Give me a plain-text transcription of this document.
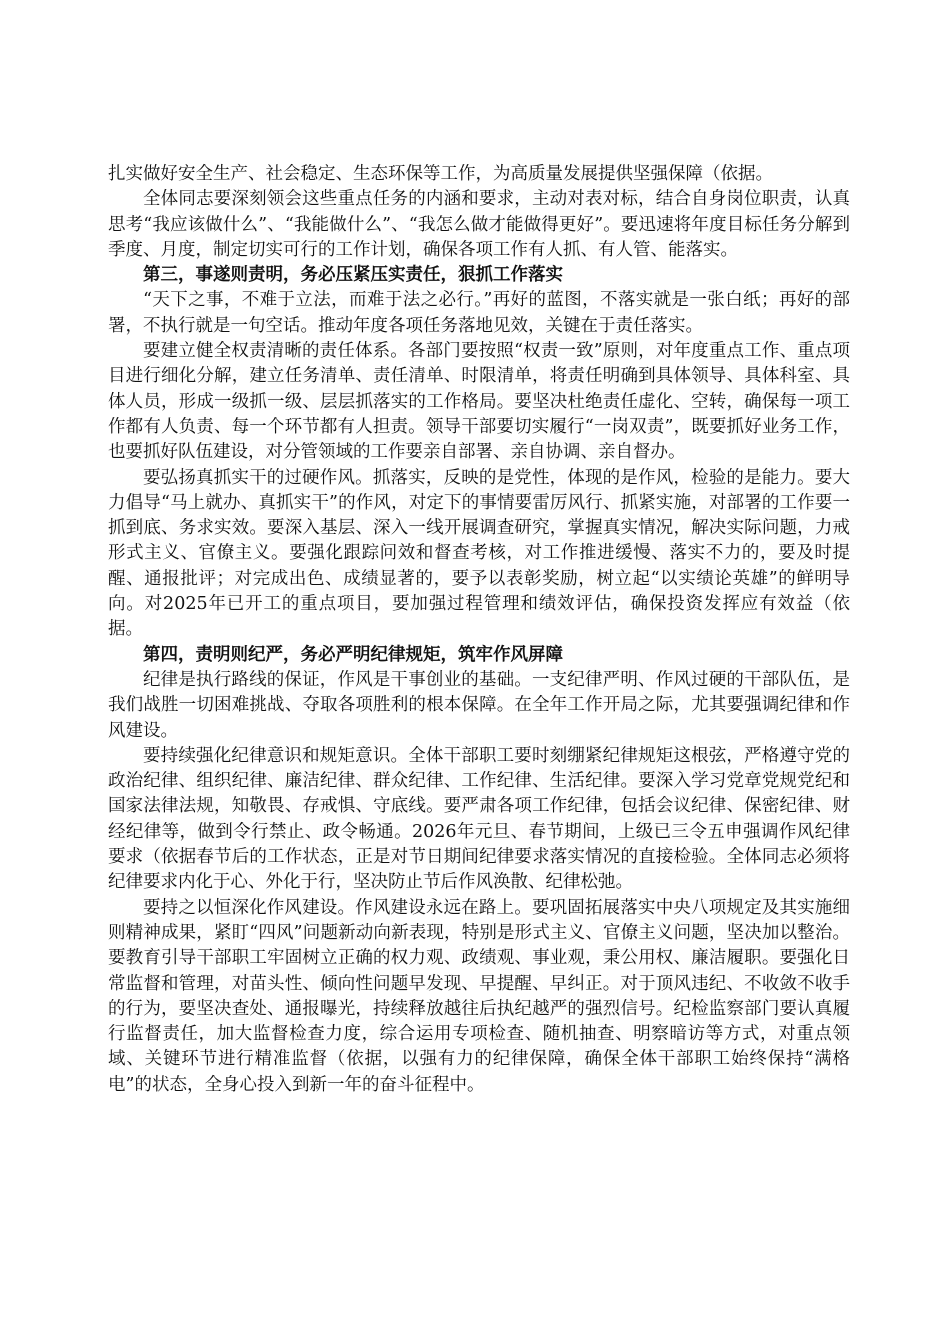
扎实做好安全生产、社会稳定、生态环保等工作，为高质量发展提供坚强保障（依据。

全体同志要深刻领会这些重点任务的内涵和要求，主动对表对标，结合自身岗位职责，认真思考“我应该做什么”、“我能做什么”、“我怎么做才能做得更好”。要迅速将年度目标任务分解到季度、月度，制定切实可行的工作计划，确保各项工作有人抓、有人管、能落实。

第三，事遂则责明，务必压紧压实责任，狠抓工作落实

“天下之事，不难于立法，而难于法之必行。”再好的蓝图，不落实就是一张白纸；再好的部署，不执行就是一句空话。推动年度各项任务落地见效，关键在于责任落实。

要建立健全权责清晰的责任体系。各部门要按照“权责一致”原则，对年度重点工作、重点项目进行细化分解，建立任务清单、责任清单、时限清单，将责任明确到具体领导、具体科室、具体人员，形成一级抓一级、层层抓落实的工作格局。要坚决杜绝责任虚化、空转，确保每一项工作都有人负责、每一个环节都有人担责。领导干部要切实履行“一岗双责”，既要抓好业务工作，也要抓好队伍建设，对分管领域的工作要亲自部署、亲自协调、亲自督办。

要弘扬真抓实干的过硬作风。抓落实，反映的是党性，体现的是作风，检验的是能力。要大力倡导“马上就办、真抓实干”的作风，对定下的事情要雷厉风行、抓紧实施，对部署的工作要一抓到底、务求实效。要深入基层、深入一线开展调查研究，掌握真实情况，解决实际问题，力戒形式主义、官僚主义。要强化跟踪问效和督查考核，对工作推进缓慢、落实不力的，要及时提醒、通报批评；对完成出色、成绩显著的，要予以表彰奖励，树立起“以实绩论英雄”的鲜明导向。对2025年已开工的重点项目，要加强过程管理和绩效评估，确保投资发挥应有效益（依据。

第四，责明则纪严，务必严明纪律规矩，筑牢作风屏障

纪律是执行路线的保证，作风是干事创业的基础。一支纪律严明、作风过硬的干部队伍，是我们战胜一切困难挑战、夺取各项胜利的根本保障。在全年工作开局之际，尤其要强调纪律和作风建设。

要持续强化纪律意识和规矩意识。全体干部职工要时刻绷紧纪律规矩这根弦，严格遵守党的政治纪律、组织纪律、廉洁纪律、群众纪律、工作纪律、生活纪律。要深入学习党章党规党纪和国家法律法规，知敬畏、存戒惧、守底线。要严肃各项工作纪律，包括会议纪律、保密纪律、财经纪律等，做到令行禁止、政令畅通。2026年元旦、春节期间，上级已三令五申强调作风纪律要求（依据春节后的工作状态，正是对节日期间纪律要求落实情况的直接检验。全体同志必须将纪律要求内化于心、外化于行，坚决防止节后作风涣散、纪律松弛。

要持之以恒深化作风建设。作风建设永远在路上。要巩固拓展落实中央八项规定及其实施细则精神成果，紧盯“四风”问题新动向新表现，特别是形式主义、官僚主义问题，坚决加以整治。要教育引导干部职工牢固树立正确的权力观、政绩观、事业观，秉公用权、廉洁履职。要强化日常监督和管理，对苗头性、倾向性问题早发现、早提醒、早纠正。对于顶风违纪、不收敛不收手的行为，要坚决查处、通报曝光，持续释放越往后执纪越严的强烈信号。纪检监察部门要认真履行监督责任，加大监督检查力度，综合运用专项检查、随机抽查、明察暗访等方式，对重点领域、关键环节进行精准监督（依据，以强有力的纪律保障，确保全体干部职工始终保持“满格电”的状态，全身心投入到新一年的奋斗征程中。
